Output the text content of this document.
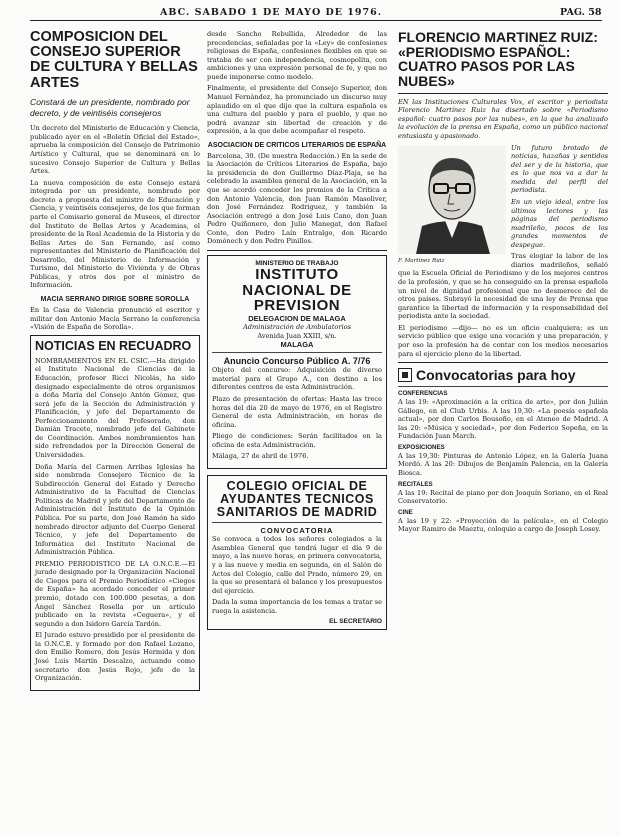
ABC. SABADO 1 DE MAYO DE 1976.	PAG. 58
COMPOSICION DEL CONSEJO SUPERIOR DE CULTURA Y BELLAS ARTES
Constará de un presidente, nombrado por decreto, y de veintiséis consejeros

Un decreto del Ministerio de Educación y Ciencia, publicado ayer en el «Boletín Oficial del Estado», aprueba la composición del Consejo de Patrimonio Artístico y Cultural, que se denominará en lo sucesivo Consejo Superior de Cultura y Bellas Artes.

La nueva composición de este Consejo estará integrada por un presidente, nombrado por decreto a propuesta del ministro de Educación y Ciencia, y veintiséis consejeros, de los que forman parte el Comisario general de Museos, el director del Instituto de Bellas Artes y Academias, el presidente de la Real Academia de la Historia y de Bellas Artes de San Fernando, así como representantes del Ministerio de Planificación del Desarrollo, del Ministerio de Información y Turismo, del Ministerio de Vivienda y de Obras Públicas, y otros dos por el ministro de Información.

MACIA SERRANO DIRIGE SOBRE SOROLLA

En la Casa de Valencia pronunció el escritor y militar don Antonio Macía Serrano la conferencia «Visión de España de Sorolla».

NOTICIAS EN RECUADRO

NOMBRAMIENTOS EN EL CSIC.—Ha dirigido el Instituto Nacional de Ciencias de la Educación, profesor Ricci Nicolás, ha sido designado especialmente de otros organismos a doña María del Consejo Antón Gómez, que será jefe de la Sección de Administración y Planificación, y jefe del Departamento de Perfeccionamiento del Profesorado, don Damián Tracete, nombrado jefe del Gabinete de Coordinación. Ambos nombramientos han sido refrendados por la Dirección General de Universidades.

Doña María del Carmen Arribas Iglesias ha sido nombrada Consejero Técnico de la Subdirección General del Estado y Derecho Administrativo de la Facultad de Ciencias Políticas de Madrid y jefe del Departamento de Administración del Instituto de la Opinión Pública. Por su parte, don José Ramón ha sido nombrado director adjunto del Cuerpo General Técnico, y jefe del Departamento de Informática del Instituto Nacional de Administración Pública.

PREMIO PERIODISTICO DE LA O.N.C.E.—El jurado designado por la Organización Nacional de Ciegos para el Premio Periodístico «Ciegos de España» ha acordado conceder el primer premio, dotado con 100.000 pesetas, a don Ángel Sánchez Rosella por un artículo publicado en la revista «Ceguera», y el segundo a don Isidoro García Tardón.

El Jurado estuvo presidido por el presidente de la O.N.C.E. y formado por don Rafael Lozano, don Emilio Romero, don Jesús Hermida y don José Luis Martín Descalzo, actuando como secretario don Jesús Rojo, jefe de la Organización.

desde Sancho Rebullida, Alrededor de las precedencias, señaladas por la «Ley» de confesiones religiosas de España, confesiones flexibles en que se trataba de ser con independencia, cosmopolita, con ambiciones y una expresión personal de fe, y que no puede imponerse como modelo.

Finalmente, el presidente del Consejo Superior, don Manuel Fernández, ha pronunciado un discurso muy aplaudido en el que dijo que la cultura española es una cultura del pueblo y para el pueblo, y que no podrá avanzar sin libertad de creación y de expresión, a la que debe acompañar el respeto.

ASOCIACION DE CRITICOS LITERARIOS DE ESPAÑA

Barcelona, 30. (De nuestra Redacción.) En la sede de la Asociación de Críticos Literarios de España, bajo la presidencia de don Guillermo Díaz-Plaja, se ha celebrado la asamblea general de la Asociación, en la que se acordó conceder los premios de la Crítica a don Antonio Valencia, don Juan Ramón Masoliver, don José Fernández Rodríguez, y también la Asociación entregó a don José Luis Cano, don Juan Pedro Quiñonero, don Julio Manegat, don Rafael Conte, don Pedro Laín Entralgo, don Ricardo Doménech y don Pedro Pinillos.

MINISTERIO DE TRABAJO
INSTITUTO NACIONAL DE PREVISION
DELEGACION DE MALAGA
Administración de Ambulatorios
Avenida Juan XXIII, s/n.
MALAGA
Anuncio Concurso Público A. 7/76

Objeto del concurso: Adquisición de diverso material para el Grupo A., con destino a los diferentes centros de esta Administración.

Plazo de presentación de ofertas: Hasta las trece horas del día 20 de mayo de 1976, en el Registro General de esta Administración, en horas de oficina.

Pliego de condiciones: Serán facilitados en la oficina de esta Administración.

Málaga, 27 de abril de 1976.

COLEGIO OFICIAL DE AYUDANTES TECNICOS SANITARIOS DE MADRID
CONVOCATORIA

Se convoca a todos los señores colegiados a la Asamblea General que tendrá lugar el día 9 de mayo, a las nueve horas, en primera convocatoria, y a las nueve y media en segunda, en el Salón de Actos del Colegio, calle del Prado, número 29, en la que se presentará el balance y los presupuestos del ejercicio.

Dada la suma importancia de los temas a tratar se ruega la asistencia.

EL SECRETARIO
FLORENCIO MARTINEZ RUIZ: «PERIODISMO ESPAÑOL: CUATRO PASOS POR LAS NUBES»

EN las Instituciones Culturales Vox, el escritor y periodista Florencio Martínez Ruiz ha disertado sobre «Periodismo español: cuatro pasos por las nubes», en la que ha analizado la evolución de la prensa en España, como un público nacional entusiasta y apasionado.

F. Martínez Ruiz

Un futuro brotado de noticias, hazañas y sentidos del ser y de la historia, que es lo que nos va a dar la medida del perfil del periodista.

En un viejo ideal, entre los últimos lectores y las páginas del periodismo madrileño, pocos de los grandes momentos de despegue.

Tras elogiar la labor de los diarios madrileños, señaló que la Escuela Oficial de Periodismo y de los mejores centros de la profesión, y que se ha conseguido en la prensa española un nivel de dignidad profesional que no desmerece del de otros países. Subrayó la necesidad de una ley de Prensa que garantice la libertad de información y la responsabilidad del periodista ante la sociedad.

El periodismo —dijo— no es un oficio cualquiera; es un servicio público que exige una vocación y una preparación, y por eso la profesión ha de contar con los medios necesarios para el ejercicio pleno de la libertad.

Convocatorias para hoy
CONFERENCIAS

A las 19: «Aproximación a la crítica de arte», por don Julián Gállego, en el Club Urbis. A las 19,30: «La poesía española actual», por don Carlos Bousoño, en el Ateneo de Madrid. A las 20: «Música y sociedad», por don Federico Sopeña, en la Fundación Juan March.

EXPOSICIONES

A las 19,30: Pinturas de Antonio López, en la Galería Juana Mordó. A las 20: Dibujos de Benjamín Palencia, en la Galería Biosca.

RECITALES

A las 19: Recital de piano por don Joaquín Soriano, en el Real Conservatorio.

CINE

A las 19 y 22: «Proyección de la película», en el Colegio Mayor Ramiro de Maeztu, coloquio a cargo de Joseph Losey.
